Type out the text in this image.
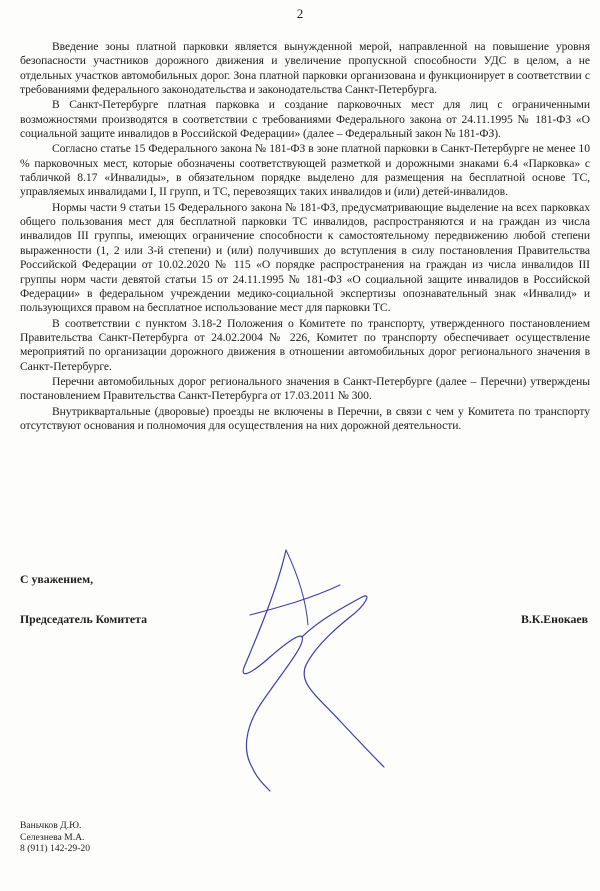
2

Введение зоны платной парковки является вынужденной мерой, направленной на повышение уровня безопасности участников дорожного движения и увеличение пропускной способности УДС в целом, а не отдельных участков автомобильных дорог. Зона платной парковки организована и функционирует в соответствии с требованиями федерального законодательства и законодательства Санкт-Петербурга.

В Санкт-Петербурге платная парковка и создание парковочных мест для лиц с ограниченными возможностями производятся в соответствии с требованиями Федерального закона от 24.11.1995 № 181-ФЗ «О социальной защите инвалидов в Российской Федерации» (далее – Федеральный закон № 181-ФЗ).

Согласно статье 15 Федерального закона № 181-ФЗ в зоне платной парковки в Санкт-Петербурге не менее 10 % парковочных мест, которые обозначены соответствующей разметкой и дорожными знаками 6.4 «Парковка» с табличкой 8.17 «Инвалиды», в обязательном порядке выделено для размещения на бесплатной основе ТС, управляемых инвалидами I, II групп, и ТС, перевозящих таких инвалидов и (или) детей-инвалидов.

Нормы части 9 статьи 15 Федерального закона № 181-ФЗ, предусматривающие выделение на всех парковках общего пользования мест для бесплатной парковки ТС инвалидов, распространяются и на граждан из числа инвалидов III группы, имеющих ограничение способности к самостоятельному передвижению любой степени выраженности (1, 2 или 3-й степени) и (или) получивших до вступления в силу постановления Правительства Российской Федерации от 10.02.2020 № 115 «О порядке распространения на граждан из числа инвалидов III группы норм части девятой статьи 15 от 24.11.1995 № 181-ФЗ «О социальной защите инвалидов в Российской Федерации» в федеральном учреждении медико-социальной экспертизы опознавательный знак «Инвалид» и пользующихся правом на бесплатное использование мест для парковки ТС.

В соответствии с пунктом 3.18-2 Положения о Комитете по транспорту, утвержденного постановлением Правительства Санкт-Петербурга от 24.02.2004 № 226, Комитет по транспорту обеспечивает осуществление мероприятий по организации дорожного движения в отношении автомобильных дорог регионального значения в Санкт-Петербурге.

Перечни автомобильных дорог регионального значения в Санкт-Петербурге (далее – Перечни) утверждены постановлением Правительства Санкт-Петербурга от 17.03.2011 № 300.

Внутриквартальные (дворовые) проезды не включены в Перечни, в связи с чем у Комитета по транспорту отсутствуют основания и полномочия для осуществления на них дорожной деятельности.

С уважением,
Председатель Комитета	В.К.Енокаев
Ваньчков Д.Ю.
Селезнева М.А.
8 (911) 142-29-20
